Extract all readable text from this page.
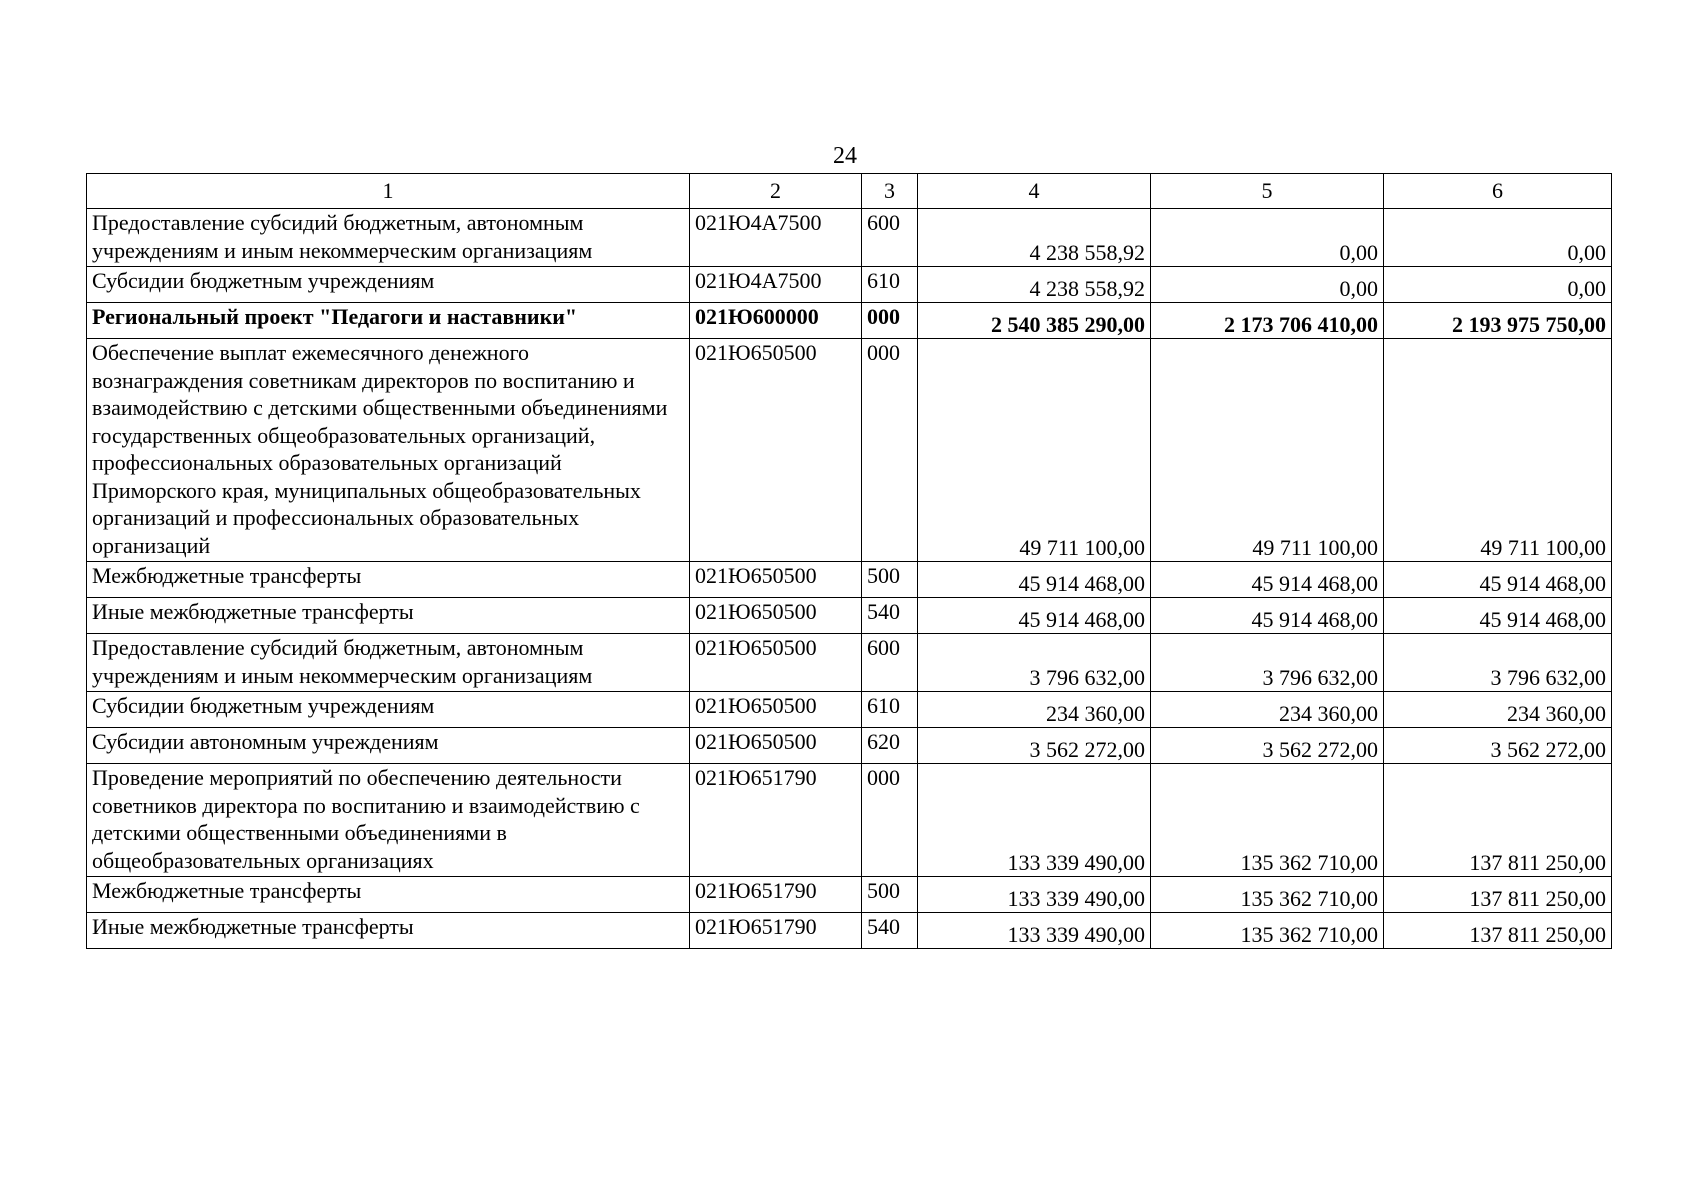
24
1	2	3	4	5	6
Предоставление субсидий бюджетным, автономным учреждениям и иным некоммерческим организациям	021Ю4А7500	600	4 238 558,92	0,00	0,00
Субсидии бюджетным учреждениям	021Ю4А7500	610	4 238 558,92	0,00	0,00
Региональный проект "Педагоги и наставники"	021Ю600000	000	2 540 385 290,00	2 173 706 410,00	2 193 975 750,00
Обеспечение выплат ежемесячного денежного вознаграждения советникам директоров по воспитанию и взаимодействию с детскими общественными объединениями государственных общеобразовательных организаций, профессиональных образовательных организаций Приморского края, муниципальных общеобразовательных организаций и профессиональных образовательных организаций	021Ю650500	000	49 711 100,00	49 711 100,00	49 711 100,00
Межбюджетные трансферты	021Ю650500	500	45 914 468,00	45 914 468,00	45 914 468,00
Иные межбюджетные трансферты	021Ю650500	540	45 914 468,00	45 914 468,00	45 914 468,00
Предоставление субсидий бюджетным, автономным учреждениям и иным некоммерческим организациям	021Ю650500	600	3 796 632,00	3 796 632,00	3 796 632,00
Субсидии бюджетным учреждениям	021Ю650500	610	234 360,00	234 360,00	234 360,00
Субсидии автономным учреждениям	021Ю650500	620	3 562 272,00	3 562 272,00	3 562 272,00
Проведение мероприятий по обеспечению деятельности советников директора по воспитанию и взаимодействию с детскими общественными объединениями в общеобразовательных организациях	021Ю651790	000	133 339 490,00	135 362 710,00	137 811 250,00
Межбюджетные трансферты	021Ю651790	500	133 339 490,00	135 362 710,00	137 811 250,00
Иные межбюджетные трансферты	021Ю651790	540	133 339 490,00	135 362 710,00	137 811 250,00
